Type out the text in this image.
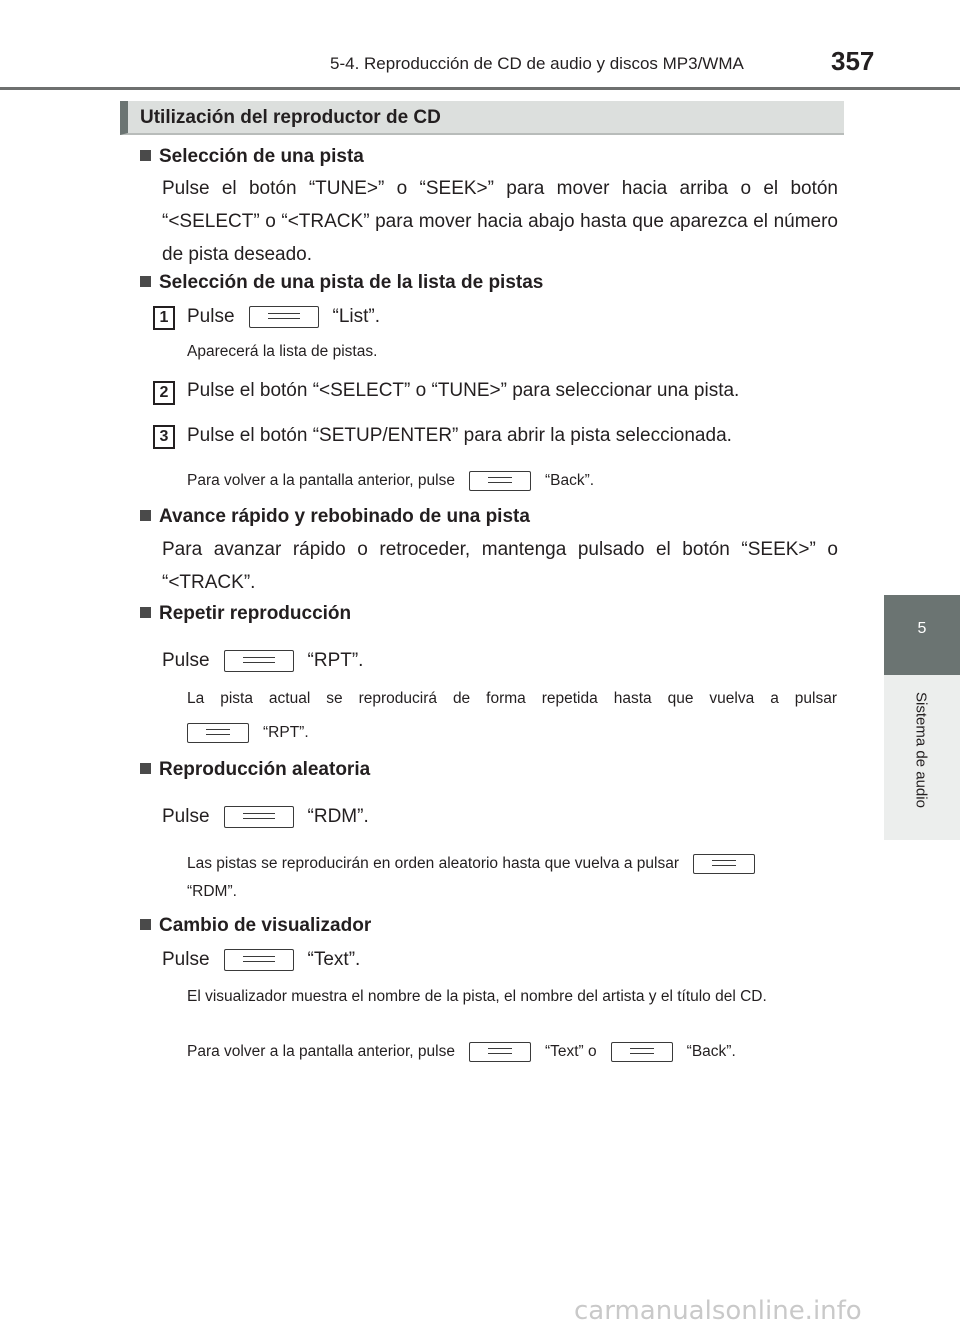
5-4. Reproducción de CD de audio y discos MP3/WMA	357
5
Sistema de audio
Utilización del reproductor de CD
Selección de una pista
Pulse el botón “TUNE>” o “SEEK>” para mover hacia arriba o el botón “<SELECT” o “<TRACK” para mover hacia abajo hasta que aparezca el número de pista deseado.
Selección de una pista de la lista de pistas
1 Pulse	“List”.
Aparecerá la lista de pistas.
2 Pulse el botón “<SELECT” o “TUNE>” para seleccionar una pista.
3 Pulse el botón “SETUP/ENTER” para abrir la pista seleccionada.
Para volver a la pantalla anterior, pulse	“Back”.
Avance rápido y rebobinado de una pista
Para avanzar rápido o retroceder, mantenga pulsado el botón “SEEK>” o “<TRACK”.
Repetir reproducción
Pulse	“RPT”.
La pista actual se reproducirá de forma repetida hasta que vuelva a pulsar
“RPT”.
Reproducción aleatoria
Pulse	“RDM”.
Las pistas se reproducirán en orden aleatorio hasta que vuelva a pulsar
“RDM”.
Cambio de visualizador
Pulse	“Text”.
El visualizador muestra el nombre de la pista, el nombre del artista y el título del CD.
Para volver a la pantalla anterior, pulse	“Text” o	“Back”.
carmanualsonline.info
